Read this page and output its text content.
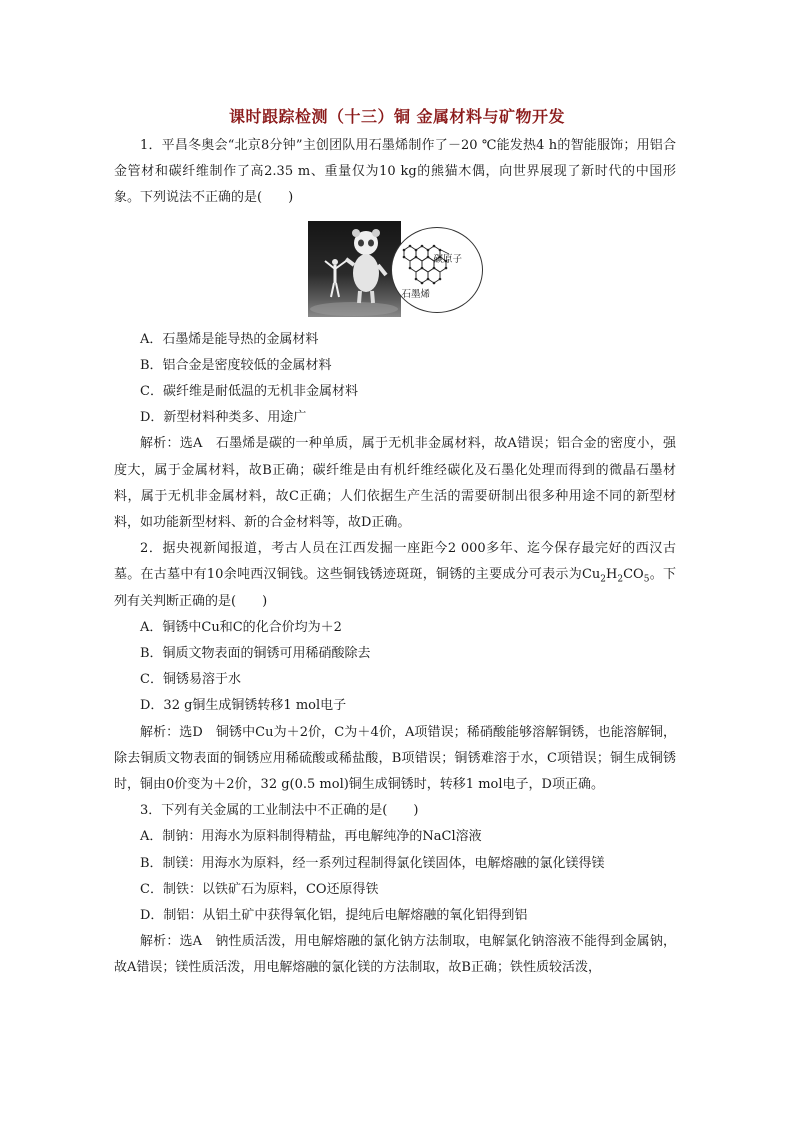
课时跟踪检测（十三）铜 金属材料与矿物开发

1．平昌冬奥会“北京8分钟”主创团队用石墨烯制作了－20 ℃能发热4 h的智能服饰；用铝合金管材和碳纤维制作了高2.35 m、重量仅为10 kg的熊猫木偶，向世界展现了新时代的中国形象。下列说法不正确的是(　　)

碳原子
石墨烯

A．石墨烯是能导热的金属材料

B．铝合金是密度较低的金属材料

C．碳纤维是耐低温的无机非金属材料

D．新型材料种类多、用途广

解析：选A　石墨烯是碳的一种单质，属于无机非金属材料，故A错误；铝合金的密度小，强度大，属于金属材料，故B正确；碳纤维是由有机纤维经碳化及石墨化处理而得到的微晶石墨材料，属于无机非金属材料，故C正确；人们依据生产生活的需要研制出很多种用途不同的新型材料，如功能新型材料、新的合金材料等，故D正确。

2．据央视新闻报道，考古人员在江西发掘一座距今2 000多年、迄今保存最完好的西汉古墓。在古墓中有10余吨西汉铜钱。这些铜钱锈迹斑斑，铜锈的主要成分可表示为$Cu_2H_2CO_5$。下列有关判断正确的是(　　)

A．铜锈中Cu和C的化合价均为＋2

B．铜质文物表面的铜锈可用稀硝酸除去

C．铜锈易溶于水

D．32 g铜生成铜锈转移1 mol电子

解析：选D　铜锈中Cu为＋2价，C为＋4价，A项错误；稀硝酸能够溶解铜锈，也能溶解铜，除去铜质文物表面的铜锈应用稀硫酸或稀盐酸，B项错误；铜锈难溶于水，C项错误；铜生成铜锈时，铜由0价变为＋2价，32 g(0.5 mol)铜生成铜锈时，转移1 mol电子，D项正确。

3．下列有关金属的工业制法中不正确的是(　　)

A．制钠：用海水为原料制得精盐，再电解纯净的NaCl溶液

B．制镁：用海水为原料，经一系列过程制得氯化镁固体，电解熔融的氯化镁得镁

C．制铁：以铁矿石为原料，CO还原得铁

D．制铝：从铝土矿中获得氧化铝，提纯后电解熔融的氧化铝得到铝

解析：选A　钠性质活泼，用电解熔融的氯化钠方法制取，电解氯化钠溶液不能得到金属钠，故A错误；镁性质活泼，用电解熔融的氯化镁的方法制取，故B正确；铁性质较活泼，
